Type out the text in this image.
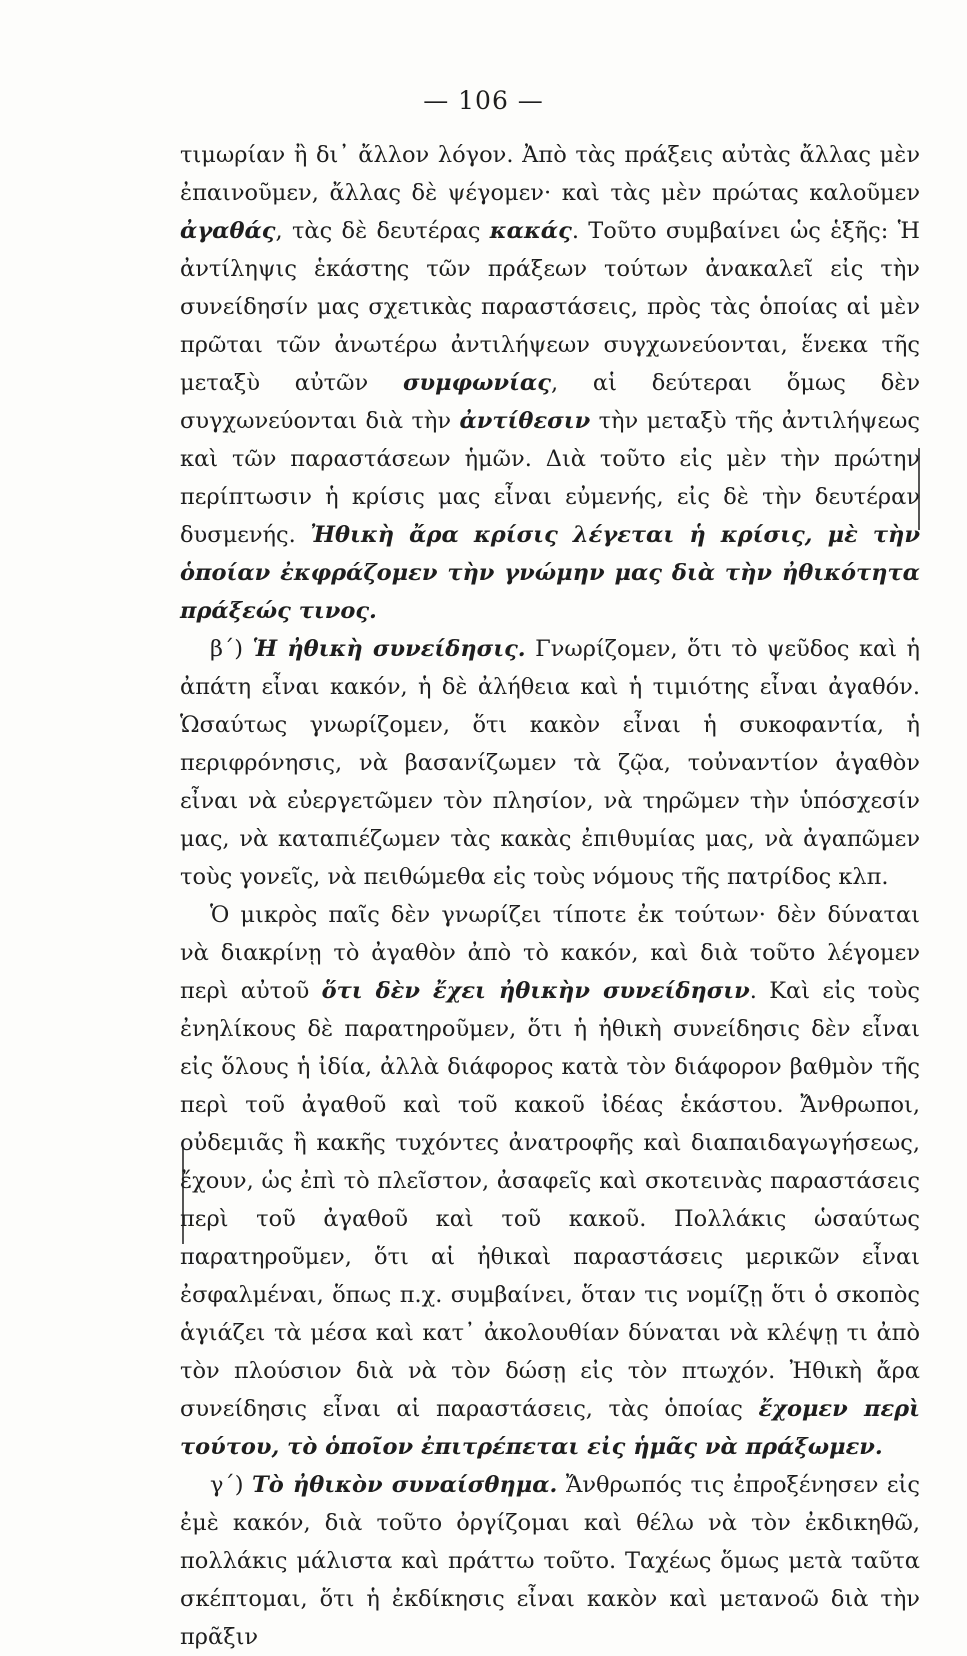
— 106 —

τιμωρίαν ἢ δι᾽ ἄλλον λόγον. Ἀπὸ τὰς πράξεις αὐτὰς ἄλλας μὲν ἐπαινοῦμεν, ἄλλας δὲ ψέγομεν· καὶ τὰς μὲν πρώτας καλοῦμεν ἀγαθάς, τὰς δὲ δευτέρας κακάς. Τοῦτο συμβαίνει ὡς ἑξῆς: Ἡ ἀντίληψις ἑκάστης τῶν πράξεων τούτων ἀνακαλεῖ εἰς τὴν συνείδησίν μας σχετικὰς παραστάσεις, πρὸς τὰς ὁποίας αἱ μὲν πρῶται τῶν ἀνωτέρω ἀντιλήψεων συγχωνεύονται, ἕνεκα τῆς μεταξὺ αὐτῶν συμφωνίας, αἱ δεύτεραι ὅμως δὲν συγχωνεύονται διὰ τὴν ἀντίθεσιν τὴν μεταξὺ τῆς ἀντιλήψεως καὶ τῶν παραστάσεων ἡμῶν. Διὰ τοῦτο εἰς μὲν τὴν πρώτην περίπτωσιν ἡ κρίσις μας εἶναι εὐμενής, εἰς δὲ τὴν δευτέραν δυσμενής. Ἠθικὴ ἄρα κρίσις λέγεται ἡ κρίσις, μὲ τὴν ὁποίαν ἐκφράζομεν τὴν γνώμην μας διὰ τὴν ἠθικότητα πράξεώς τινος.

β´) Ἡ ἠθικὴ συνείδησις. Γνωρίζομεν, ὅτι τὸ ψεῦδος καὶ ἡ ἀπάτη εἶναι κακόν, ἡ δὲ ἀλήθεια καὶ ἡ τιμιότης εἶναι ἀγαθόν. Ὡσαύτως γνωρίζομεν, ὅτι κακὸν εἶναι ἡ συκοφαντία, ἡ περιφρόνησις, νὰ βασανίζωμεν τὰ ζῷα, τοὐναντίον ἀγαθὸν εἶναι νὰ εὐεργετῶμεν τὸν πλησίον, νὰ τηρῶμεν τὴν ὑπόσχεσίν μας, νὰ καταπιέζωμεν τὰς κακὰς ἐπιθυμίας μας, νὰ ἀγαπῶμεν τοὺς γονεῖς, νὰ πειθώμεθα εἰς τοὺς νόμους τῆς πατρίδος κλπ.

Ὁ μικρὸς παῖς δὲν γνωρίζει τίποτε ἐκ τούτων· δὲν δύναται νὰ διακρίνῃ τὸ ἀγαθὸν ἀπὸ τὸ κακόν, καὶ διὰ τοῦτο λέγομεν περὶ αὐτοῦ ὅτι δὲν ἔχει ἠθικὴν συνείδησιν. Καὶ εἰς τοὺς ἐνηλίκους δὲ παρατηροῦμεν, ὅτι ἡ ἠθικὴ συνείδησις δὲν εἶναι εἰς ὅλους ἡ ἰδία, ἀλλὰ διάφορος κατὰ τὸν διάφορον βαθμὸν τῆς περὶ τοῦ ἀγαθοῦ καὶ τοῦ κακοῦ ἰδέας ἑκάστου. Ἄνθρωποι, οὐδεμιᾶς ἢ κακῆς τυχόντες ἀνατροφῆς καὶ διαπαιδαγωγήσεως, ἔχουν, ὡς ἐπὶ τὸ πλεῖστον, ἀσαφεῖς καὶ σκοτεινὰς παραστάσεις περὶ τοῦ ἀγαθοῦ καὶ τοῦ κακοῦ. Πολλάκις ὡσαύτως παρατηροῦμεν, ὅτι αἱ ἠθικαὶ παραστάσεις μερικῶν εἶναι ἐσφαλμέναι, ὅπως π.χ. συμβαίνει, ὅταν τις νομίζῃ ὅτι ὁ σκοπὸς ἁγιάζει τὰ μέσα καὶ κατ᾽ ἀκολουθίαν δύναται νὰ κλέψῃ τι ἀπὸ τὸν πλούσιον διὰ νὰ τὸν δώσῃ εἰς τὸν πτωχόν. Ἠθικὴ ἄρα συνείδησις εἶναι αἱ παραστάσεις, τὰς ὁποίας ἔχομεν περὶ τούτου, τὸ ὁποῖον ἐπιτρέπεται εἰς ἡμᾶς νὰ πράξωμεν.

γ´) Τὸ ἠθικὸν συναίσθημα. Ἄνθρωπός τις ἐπροξένησεν εἰς ἐμὲ κακόν, διὰ τοῦτο ὀργίζομαι καὶ θέλω νὰ τὸν ἐκδικηθῶ, πολλάκις μάλιστα καὶ πράττω τοῦτο. Ταχέως ὅμως μετὰ ταῦτα σκέπτομαι, ὅτι ἡ ἐκδίκησις εἶναι κακὸν καὶ μετανοῶ διὰ τὴν πρᾶξιν
